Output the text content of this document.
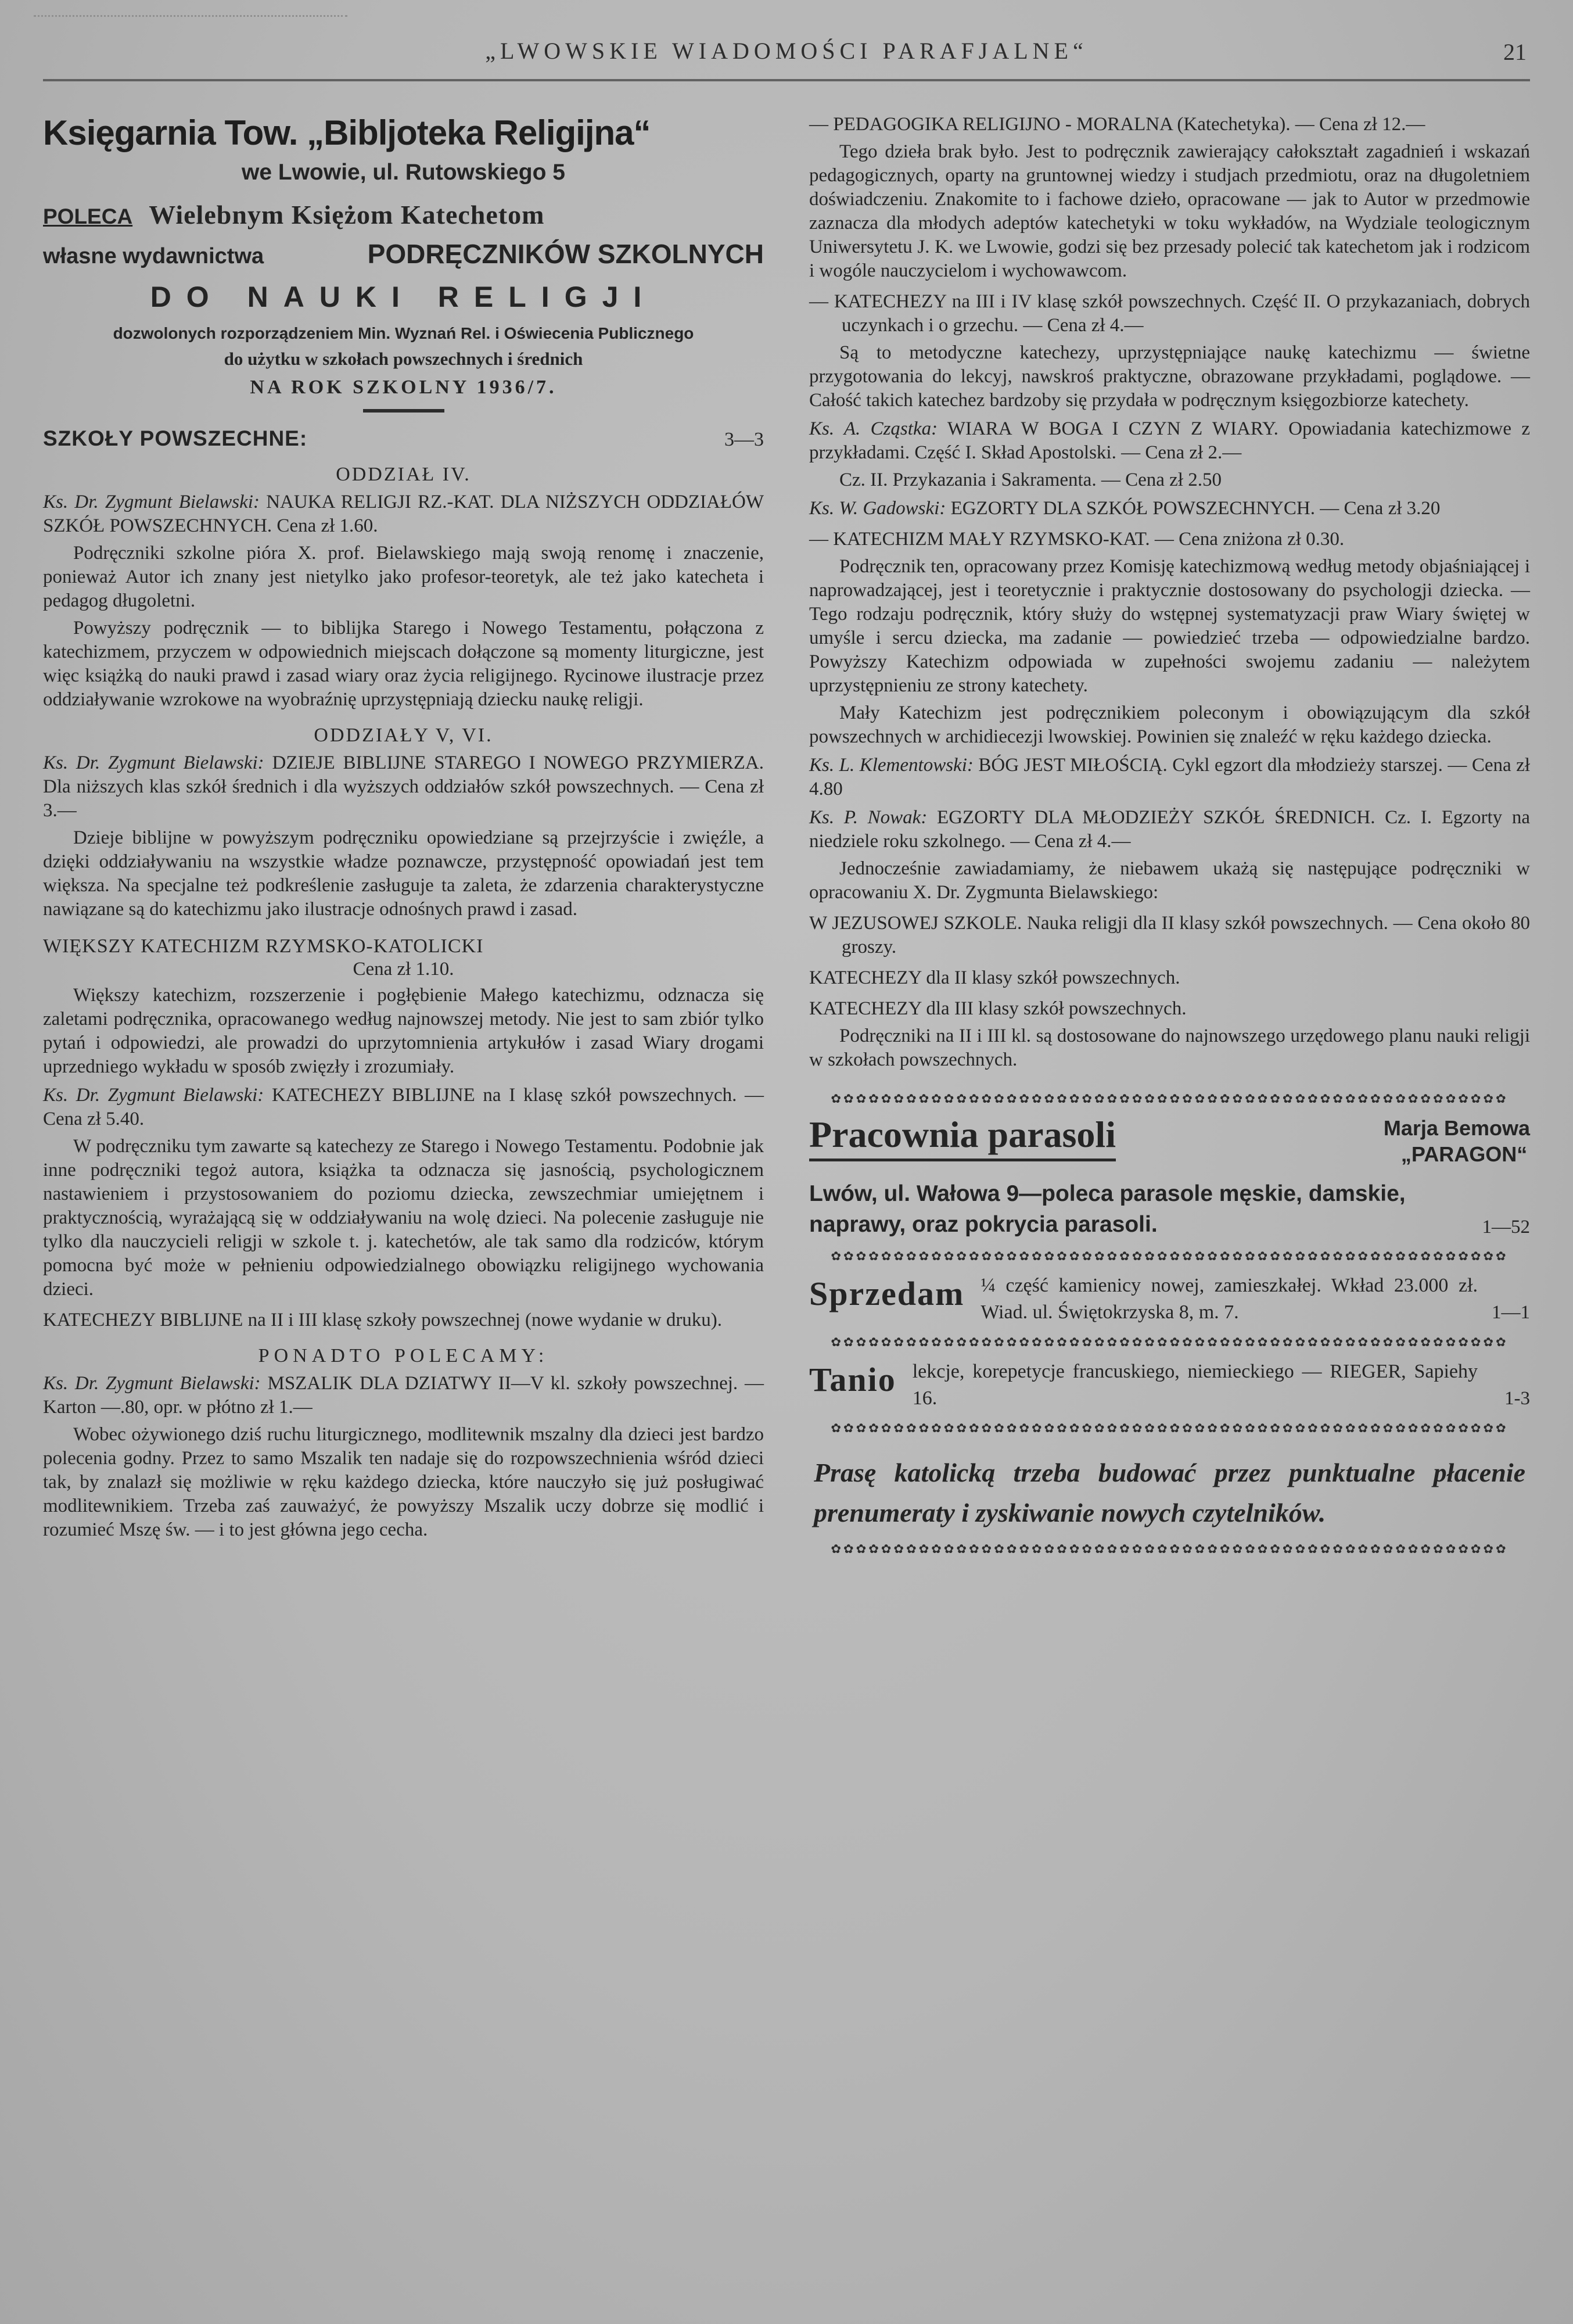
„LWOWSKIE WIADOMOŚCI PARAFJALNE“	21
Księgarnia Tow. „Bibljoteka Religijna“
we Lwowie, ul. Rutowskiego 5
POLECA Wielebnym Księżom Katechetom
własne wydawnictwa	PODRĘCZNIKÓW SZKOLNYCH
DO NAUKI RELIGJI
dozwolonych rozporządzeniem Min. Wyznań Rel. i Oświecenia Publicznego
do użytku w szkołach powszechnych i średnich
NA ROK SZKOLNY 1936/7.
SZKOŁY POWSZECHNE:	3—3
ODDZIAŁ IV.

Ks. Dr. Zygmunt Bielawski: NAUKA RELIGJI RZ.-KAT. DLA NIŻSZYCH ODDZIAŁÓW SZKÓŁ POWSZECHNYCH. Cena zł 1.60.

Podręczniki szkolne pióra X. prof. Bielawskiego mają swoją renomę i znaczenie, ponieważ Autor ich znany jest nietylko jako profesor-teoretyk, ale też jako katecheta i pedagog długoletni.

Powyższy podręcznik — to biblijka Starego i Nowego Testamentu, połączona z katechizmem, przyczem w odpowiednich miejscach dołączone są momenty liturgiczne, jest więc książką do nauki prawd i zasad wiary oraz życia religijnego. Rycinowe ilustracje przez oddziaływanie wzrokowe na wyobraźnię uprzystępniają dziecku naukę religji.

ODDZIAŁY V, VI.

Ks. Dr. Zygmunt Bielawski: DZIEJE BIBLIJNE STAREGO I NOWEGO PRZYMIERZA. Dla niższych klas szkół średnich i dla wyższych oddziałów szkół powszechnych. — Cena zł 3.—

Dzieje biblijne w powyższym podręczniku opowiedziane są przejrzyście i zwięźle, a dzięki oddziaływaniu na wszystkie władze poznawcze, przystępność opowiadań jest tem większa. Na specjalne też podkreślenie zasługuje ta zaleta, że zdarzenia charakterystyczne nawiązane są do katechizmu jako ilustracje odnośnych prawd i zasad.

WIĘKSZY KATECHIZM RZYMSKO-KATOLICKI
Cena zł 1.10.

Większy katechizm, rozszerzenie i pogłębienie Małego katechizmu, odznacza się zaletami podręcznika, opracowanego według najnowszej metody. Nie jest to sam zbiór tylko pytań i odpowiedzi, ale prowadzi do uprzytomnienia artykułów i zasad Wiary drogami uprzedniego wykładu w sposób zwięzły i zrozumiały.

Ks. Dr. Zygmunt Bielawski: KATECHEZY BIBLIJNE na I klasę szkół powszechnych. — Cena zł 5.40.

W podręczniku tym zawarte są katechezy ze Starego i Nowego Testamentu. Podobnie jak inne podręczniki tegoż autora, książka ta odznacza się jasnością, psychologicznem nastawieniem i przystosowaniem do poziomu dziecka, zewszechmiar umiejętnem i praktycznością, wyrażającą się w oddziaływaniu na wolę dzieci. Na polecenie zasługuje nie tylko dla nauczycieli religji w szkole t. j. katechetów, ale tak samo dla rodziców, którym pomocna być może w pełnieniu odpowiedzialnego obowiązku religijnego wychowania dzieci.

KATECHEZY BIBLIJNE na II i III klasę szkoły powszechnej (nowe wydanie w druku).

PONADTO POLECAMY:

Ks. Dr. Zygmunt Bielawski: MSZALIK DLA DZIATWY II—V kl. szkoły powszechnej. — Karton —.80, opr. w płótno zł 1.—

Wobec ożywionego dziś ruchu liturgicznego, modlitewnik mszalny dla dzieci jest bardzo polecenia godny. Przez to samo Mszalik ten nadaje się do rozpowszechnienia wśród dzieci tak, by znalazł się możliwie w ręku każdego dziecka, które nauczyło się już posługiwać modlitewnikiem. Trzeba zaś zauważyć, że powyższy Mszalik uczy dobrze się modlić i rozumieć Mszę św. — i to jest główna jego cecha.

— PEDAGOGIKA RELIGIJNO - MORALNA (Katechetyka). — Cena zł 12.—

Tego dzieła brak było. Jest to podręcznik zawierający całokształt zagadnień i wskazań pedagogicznych, oparty na gruntownej wiedzy i studjach przedmiotu, oraz na długoletniem doświadczeniu. Znakomite to i fachowe dzieło, opracowane — jak to Autor w przedmowie zaznacza dla młodych adeptów katechetyki w toku wykładów, na Wydziale teologicznym Uniwersytetu J. K. we Lwowie, godzi się bez przesady polecić tak katechetom jak i rodzicom i wogóle nauczycielom i wychowawcom.

— KATECHEZY na III i IV klasę szkół powszechnych. Część II. O przykazaniach, dobrych uczynkach i o grzechu. — Cena zł 4.—

Są to metodyczne katechezy, uprzystępniające naukę katechizmu — świetne przygotowania do lekcyj, nawskroś praktyczne, obrazowane przykładami, poglądowe. — Całość takich katechez bardzoby się przydała w podręcznym księgozbiorze katechety.

Ks. A. Cząstka: WIARA W BOGA I CZYN Z WIARY. Opowiadania katechizmowe z przykładami. Część I. Skład Apostolski. — Cena zł 2.—

Cz. II. Przykazania i Sakramenta. — Cena zł 2.50

Ks. W. Gadowski: EGZORTY DLA SZKÓŁ POWSZECHNYCH. — Cena zł 3.20

— KATECHIZM MAŁY RZYMSKO-KAT. — Cena zniżona zł 0.30.

Podręcznik ten, opracowany przez Komisję katechizmową według metody objaśniającej i naprowadzającej, jest i teoretycznie i praktycznie dostosowany do psychologji dziecka. — Tego rodzaju podręcznik, który służy do wstępnej systematyzacji praw Wiary świętej w umyśle i sercu dziecka, ma zadanie — powiedzieć trzeba — odpowiedzialne bardzo. Powyższy Katechizm odpowiada w zupełności swojemu zadaniu — należytem uprzystępnieniu ze strony katechety.

Mały Katechizm jest podręcznikiem poleconym i obowiązującym dla szkół powszechnych w archidiecezji lwowskiej. Powinien się znaleźć w ręku każdego dziecka.

Ks. L. Klementowski: BÓG JEST MIŁOŚCIĄ. Cykl egzort dla młodzieży starszej. — Cena zł 4.80

Ks. P. Nowak: EGZORTY DLA MŁODZIEŻY SZKÓŁ ŚREDNICH. Cz. I. Egzorty na niedziele roku szkolnego. — Cena zł 4.—

Jednocześnie zawiadamiamy, że niebawem ukażą się następujące podręczniki w opracowaniu X. Dr. Zygmunta Bielawskiego:

W JEZUSOWEJ SZKOLE. Nauka religji dla II klasy szkół powszechnych. — Cena około 80 groszy.

KATECHEZY dla II klasy szkół powszechnych.

KATECHEZY dla III klasy szkół powszechnych.

Podręczniki na II i III kl. są dostosowane do najnowszego urzędowego planu nauki religji w szkołach powszechnych.

✿✿✿✿✿✿✿✿✿✿✿✿✿✿✿✿✿✿✿✿✿✿✿✿✿✿✿✿✿✿✿✿✿✿✿✿✿✿✿✿✿✿✿✿✿✿✿✿✿✿✿✿✿✿
Pracownia parasoli	Marja Bemowa
„PARAGON“

Lwów, ul. Wałowa 9—poleca parasole męskie, damskie, naprawy, oraz pokrycia parasoli.	1—52

✿✿✿✿✿✿✿✿✿✿✿✿✿✿✿✿✿✿✿✿✿✿✿✿✿✿✿✿✿✿✿✿✿✿✿✿✿✿✿✿✿✿✿✿✿✿✿✿✿✿✿✿✿✿

Sprzedam ¼ część kamienicy nowej, zamieszkałej. Wkład 23.000 zł. Wiad. ul. Świętokrzyska 8, m. 7.	1—1

✿✿✿✿✿✿✿✿✿✿✿✿✿✿✿✿✿✿✿✿✿✿✿✿✿✿✿✿✿✿✿✿✿✿✿✿✿✿✿✿✿✿✿✿✿✿✿✿✿✿✿✿✿✿

Tanio lekcje, korepetycje francuskiego, niemieckiego — RIEGER, Sapiehy 16.	1-3

✿✿✿✿✿✿✿✿✿✿✿✿✿✿✿✿✿✿✿✿✿✿✿✿✿✿✿✿✿✿✿✿✿✿✿✿✿✿✿✿✿✿✿✿✿✿✿✿✿✿✿✿✿✿

Prasę katolicką trzeba budować przez punktualne płacenie prenumeraty i zyskiwanie nowych czytelników.

✿✿✿✿✿✿✿✿✿✿✿✿✿✿✿✿✿✿✿✿✿✿✿✿✿✿✿✿✿✿✿✿✿✿✿✿✿✿✿✿✿✿✿✿✿✿✿✿✿✿✿✿✿✿
